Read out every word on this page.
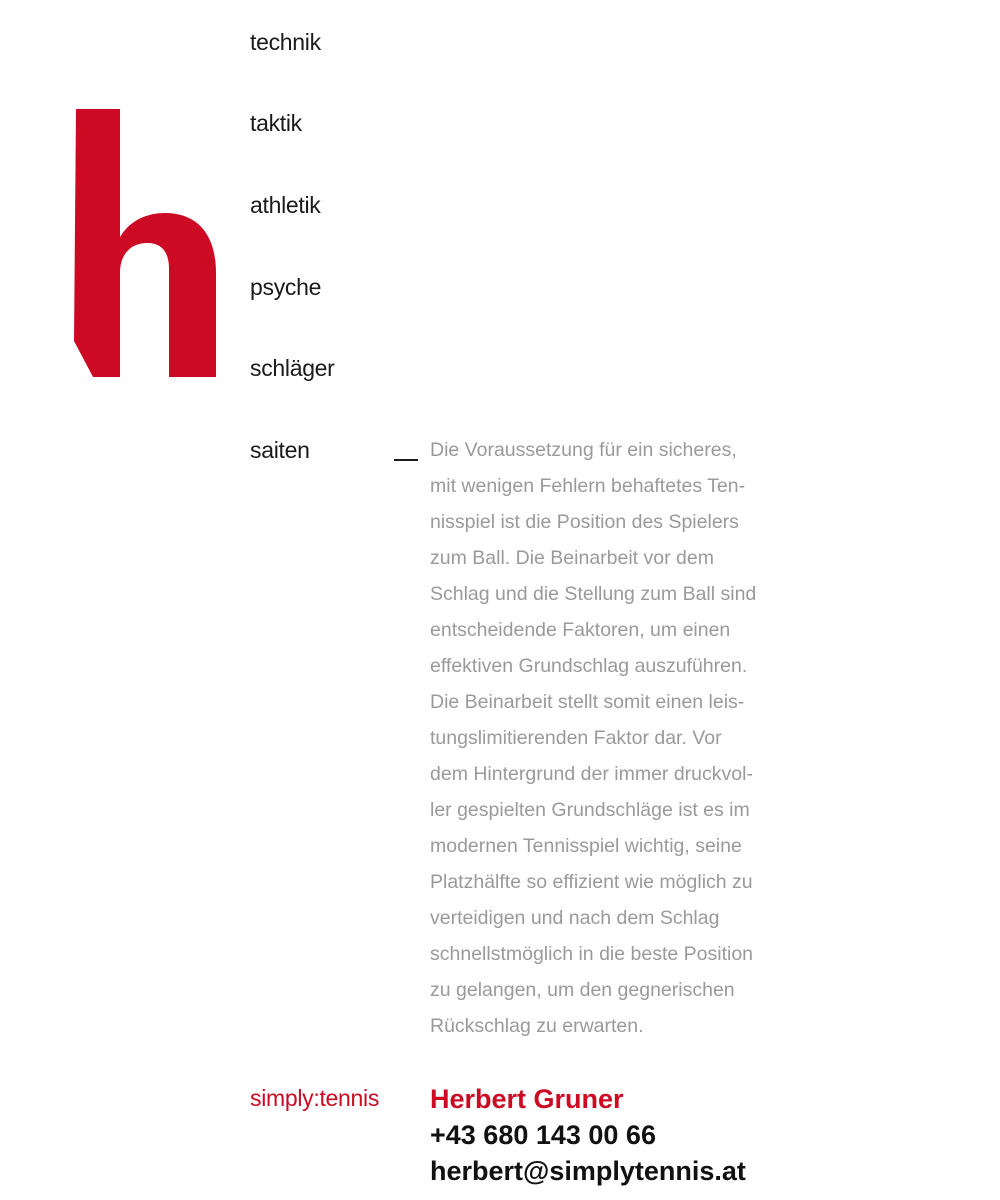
technik
taktik
athletik
psyche
schläger
saiten	Die Voraussetzung für ein sicheres,
mit wenigen Fehlern behaftetes Ten-
nisspiel ist die Position des Spielers
zum Ball. Die Beinarbeit vor dem
Schlag und die Stellung zum Ball sind
entscheidende Faktoren, um einen
effektiven Grundschlag auszuführen.
Die Beinarbeit stellt somit einen leis-
tungslimitierenden Faktor dar. Vor
dem Hintergrund der immer druckvol-
ler gespielten Grundschläge ist es im
modernen Tennisspiel wichtig, seine
Platzhälfte so effizient wie möglich zu
verteidigen und nach dem Schlag
schnellstmöglich in die beste Position
zu gelangen, um den gegnerischen
Rückschlag zu erwarten.

simply:tennis Herbert Gruner
+43 680 143 00 66
herbert@simplytennis.at
